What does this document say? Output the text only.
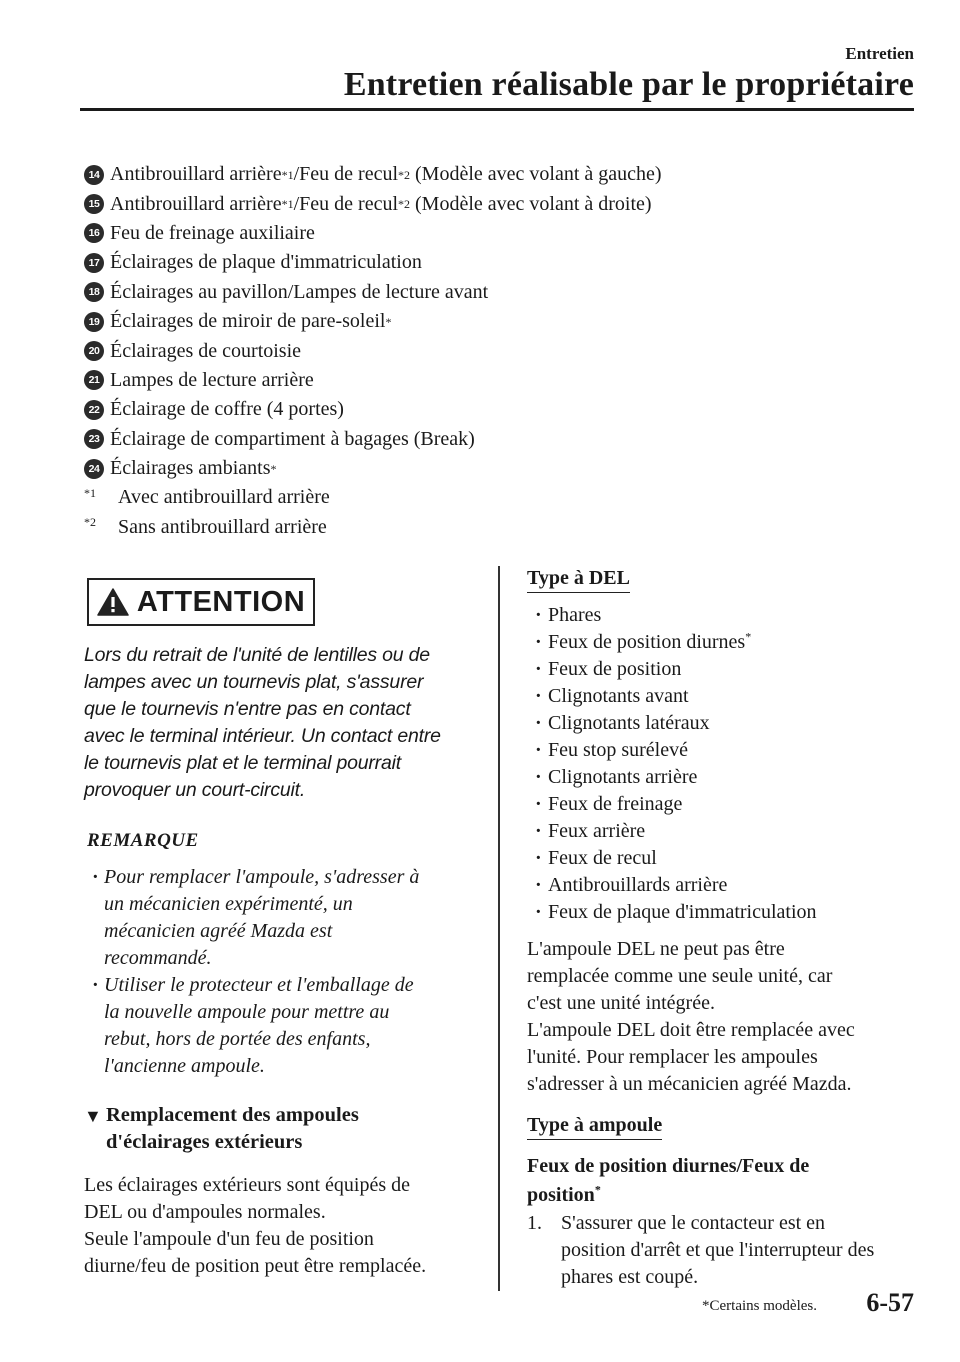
Entretien
Entretien réalisable par le propriétaire
14 Antibrouillard arrière *1 /Feu de recul *2 (Modèle avec volant à gauche)
15 Antibrouillard arrière *1 /Feu de recul *2 (Modèle avec volant à droite)
16 Feu de freinage auxiliaire
17 Éclairages de plaque d'immatriculation
18 Éclairages au pavillon/Lampes de lecture avant
19 Éclairages de miroir de pare-soleil *
20 Éclairages de courtoisie
21 Lampes de lecture arrière
22 Éclairage de coffre (4 portes)
23 Éclairage de compartiment à bagages (Break)
24 Éclairages ambiants *
$^{*1}$	Avec antibrouillard arrière
$^{*2}$	Sans antibrouillard arrière
ATTENTION
Lors du retrait de l'unité de lentilles ou de
lampes avec un tournevis plat, s'assurer
que le tournevis n'entre pas en contact
avec le terminal intérieur. Un contact entre
le tournevis plat et le terminal pourrait
provoquer un court-circuit.
REMARQUE
· Pour remplacer l'ampoule, s'adresser à
un mécanicien expérimenté, un
mécanicien agréé Mazda est
recommandé.
· Utiliser le protecteur et l'emballage de
la nouvelle ampoule pour mettre au
rebut, hors de portée des enfants,
l'ancienne ampoule.
▼ Remplacement des ampoules
d'éclairages extérieurs
Les éclairages extérieurs sont équipés de
DEL ou d'ampoules normales.
Seule l'ampoule d'un feu de position
diurne/feu de position peut être remplacée.
Type à DEL
· Phares
· Feux de position diurnes*
· Feux de position
· Clignotants avant
· Clignotants latéraux
· Feu stop surélevé
· Clignotants arrière
· Feux de freinage
· Feux arrière
· Feux de recul
· Antibrouillards arrière
· Feux de plaque d'immatriculation
L'ampoule DEL ne peut pas être
remplacée comme une seule unité, car
c'est une unité intégrée.
L'ampoule DEL doit être remplacée avec
l'unité. Pour remplacer les ampoules
s'adresser à un mécanicien agréé Mazda.
Type à ampoule
Feux de position diurnes/Feux de
position*
1. S'assurer que le contacteur est en
position d'arrêt et que l'interrupteur des
phares est coupé.
*Certains modèles. 6-57
